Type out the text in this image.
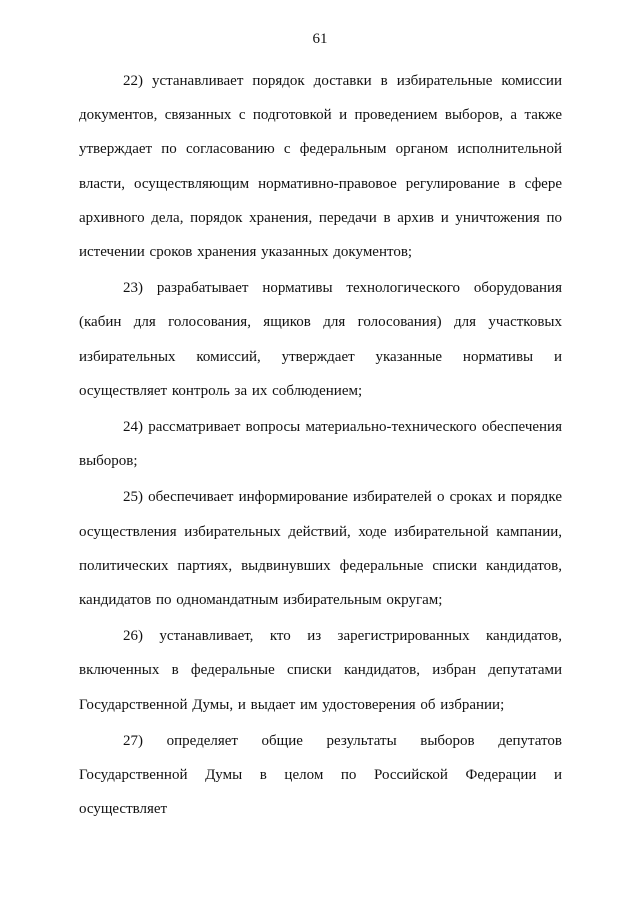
61

22) устанавливает порядок доставки в избирательные комиссии документов, связанных с подготовкой и проведением выборов, а также утверждает по согласованию с федеральным органом исполнительной власти, осуществляющим нормативно-правовое регулирование в сфере архивного дела, порядок хранения, передачи в архив и уничтожения по истечении сроков хранения указанных документов;

23) разрабатывает нормативы технологического оборудования (кабин для голосования, ящиков для голосования) для участковых избирательных комиссий, утверждает указанные нормативы и осуществляет контроль за их соблюдением;

24) рассматривает вопросы материально-технического обеспечения выборов;

25) обеспечивает информирование избирателей о сроках и порядке осуществления избирательных действий, ходе избирательной кампании, политических партиях, выдвинувших федеральные списки кандидатов, кандидатов по одномандатным избирательным округам;

26) устанавливает, кто из зарегистрированных кандидатов, включенных в федеральные списки кандидатов, избран депутатами Государственной Думы, и выдает им удостоверения об избрании;

27) определяет общие результаты выборов депутатов Государственной Думы в целом по Российской Федерации и осуществляет
